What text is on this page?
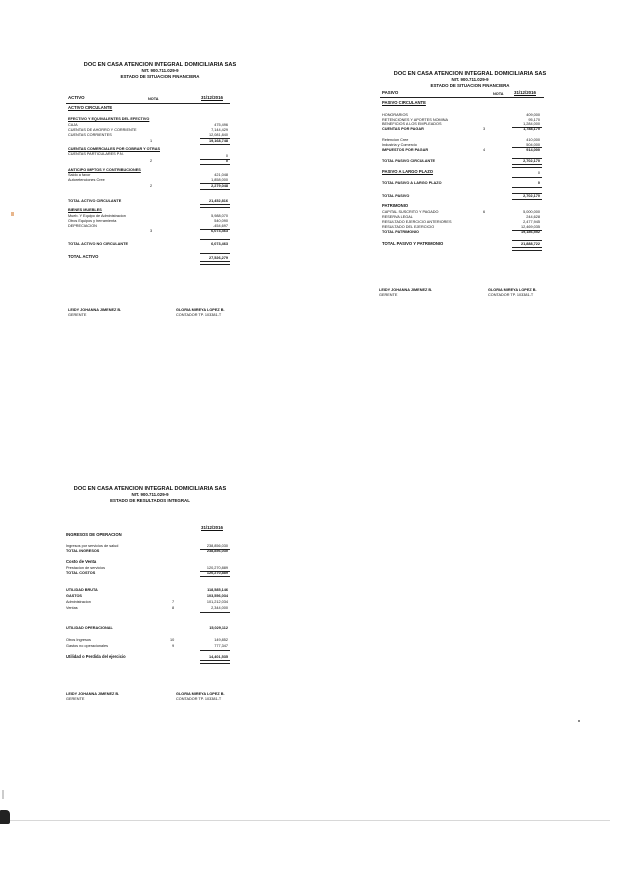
DOC EN CASA ATENCION INTEGRAL DOMICILIARIA SAS
NIT. 900.711.029-9
ESTADO DE SITUACION FINANCIERA
ACTIVO	NOTA	31/12/2016
ACTIVO CIRCULANTE
EFECTIVO Y EQUIVALENTES DEL EFECTIVO
CAJA	475,496
CUENTAS DE AHORRO Y CORRIENTE	7,144,429
CUENTAS CORRIENTES	12,081,840
1	19,168,748
CUENTAS COMERCIALES POR COBRAR Y OTRAS
CUENTAS PARTICULARES P.N.	0
2	0
ANTICIPO IMPTOS Y CONTRIBUCIONES
Saldo a favor	421,048
Autoretenciones Cree	1,858,000
2	2,279,048
TOTAL ACTIVO CIRCULANTE	21,452,816
BIENES MUEBLES
Mueb. Y Equipo de Administracion	5,988,070
Otros Equipos y herramienta	540,090
DEPRECIACION	-454,697
3	6,073,463
TOTAL ACTIVO NO CIRCULANTE	6,073,463
TOTAL ACTIVO	27,526,279
LEIDY JOHANNA JIMENEZ B.
GERENTE
GLORIA MIREYA LOPEZ B.
CONTADOR TP. 103381-T
DOC EN CASA ATENCION INTEGRAL DOMICILIARIA SAS
NIT. 900.711.029-9
ESTADO DE SITUACION FINANCIERA
PASIVO	NOTA 31/12/2016
PASIVO CIRCULANTE
HONORARIOS	409,000
RETENCIONES Y APORTES NOMINA	95,170
BENEFICIOS A LOS EMPLEADOS	1,284,000
CUENTAS POR PAGAR	3	1,788,170
Retencion Cree	410,000
Industria y Comercio	504,000
IMPUESTOS POR PAGAR	4	914,000
TOTAL PASIVO CIRCULANTE	2,702,170
PASIVO A LARGO PLAZO	0
TOTAL PASIVO A LARGO PLAZO	0
TOTAL PASIVO	2,702,170
PATRIMONIO
CAPITAL SUSCRITO Y PAGADO	6	5,000,000
RESERVA LEGAL	244,628
RESULTADO EJERCICIO ANTERIORES	2,477,945
RESULTADO DEL EJERCICIO	12,469,035
TOTAL PATRIMONIO	19,186,552
TOTAL PASIVO Y PATRIMONIO	21,888,722
LEIDY JOHANNA JIMENEZ B.
GERENTE
GLORIA MIREYA LOPEZ B.
CONTADOR TP. 103381-T
DOC EN CASA ATENCION INTEGRAL DOMICILIARIA SAS
NIT. 900.711.029-9
ESTADO DE RESULTADOS INTEGRAL
31/12/2016
INGRESOS DE OPERACION
Ingresos por servicios de salud	238,856,030
TOTAL INGRESOS	238,856,030
Costo de Venta
Prestacion de servicios	120,270,889
TOTAL COSTOS	120,270,889
UTILIDAD BRUTA	118,585,146
GASTOS	103,556,034
Administracion	7	101,212,034
Ventas	8	2,344,000
UTILIDAD OPERACIONAL	15,029,112
Otros Ingresos	10	149,852
Gastos no operacionales	9	777,347
Utilidad o Perdida del ejercicio	14,401,535
LEIDY JOHANNA JIMENEZ B.
GERENTE
GLORIA MIREYA LOPEZ B.
CONTADOR TP. 103381-T
